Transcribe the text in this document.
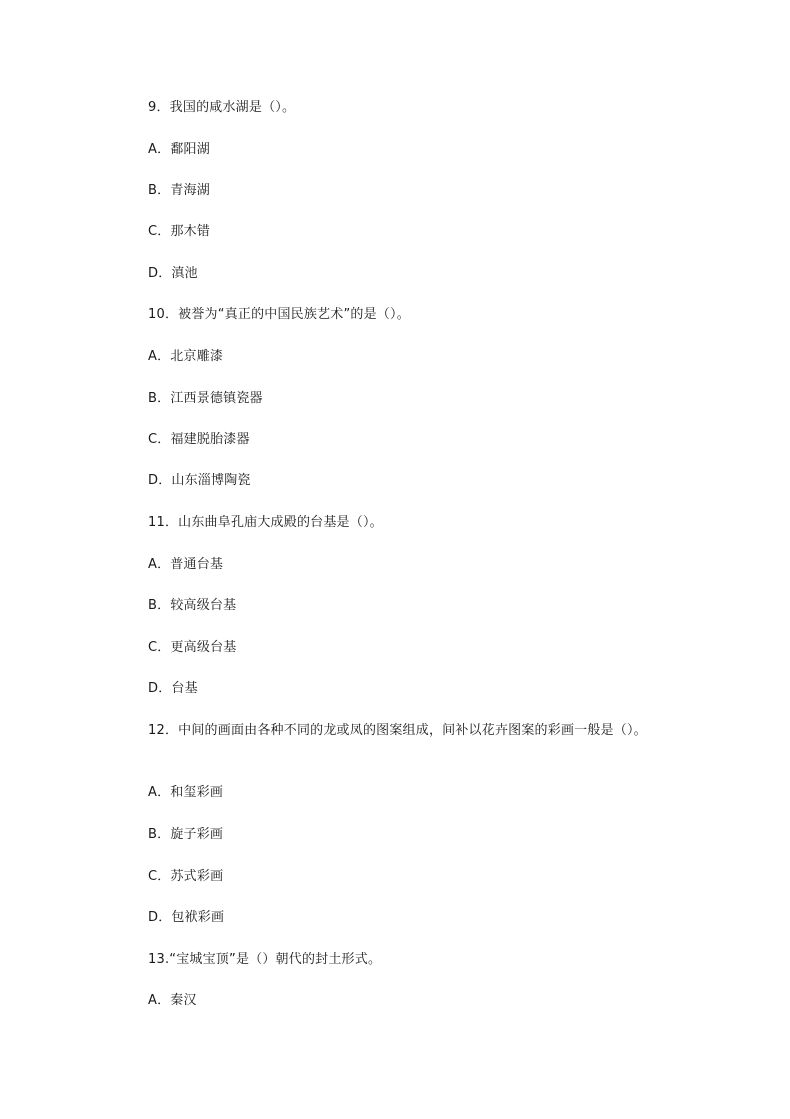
9．我国的咸水湖是（）。
A．鄱阳湖
B．青海湖
C．那木错
D．滇池
10．被誉为“真正的中国民族艺术”的是（）。
A．北京雕漆
B．江西景德镇瓷器
C．福建脱胎漆器
D．山东淄博陶瓷
11．山东曲阜孔庙大成殿的台基是（）。
A．普通台基
B．较高级台基
C．更高级台基
D．台基
12．中间的画面由各种不同的龙或凤的图案组成，间补以花卉图案的彩画一般是（）。
A．和玺彩画
B．旋子彩画
C．苏式彩画
D．包袱彩画
13.“宝城宝顶”是（）朝代的封土形式。
A．秦汉
